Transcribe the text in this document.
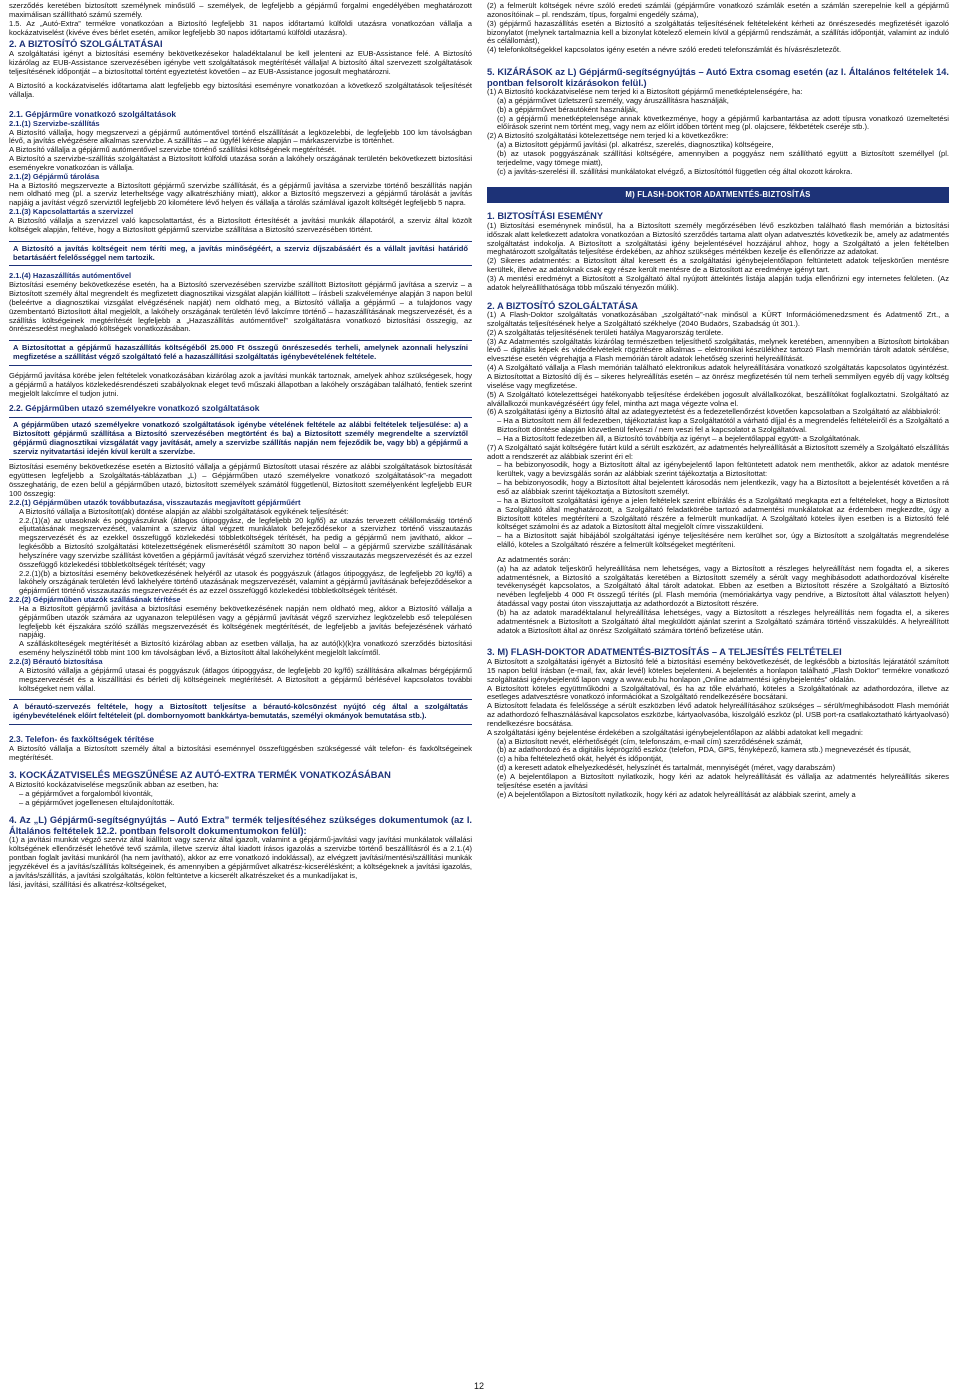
szerződés keretében biztosított személynek minősülő – személyek, de legfeljebb a gépjármű forgalmi engedélyében meghatározott maximálisan szállítható számú személy.
1.5. Az „Autó-Extra” termékre vonatkozóan a Biztosító legfeljebb 31 napos időtartamú külföldi utazásra vonatkozóan vállalja a kockázatviselést (kivéve éves bérlet esetén, amikor legfeljebb 30 napos időtartamú külföldi utazásra).
2. A BIZTOSÍTÓ SZOLGÁLTATÁSAI
A szolgáltatási igényt a biztosítási esemény bekövetkezésekor haladéktalanul be kell jelenteni az EUB-Assistance felé. A Biztosító kizárólag az EUB-Assistance szervezésében igénybe vett szolgáltatások megtérítését vállalja! A biztosító által szervezett szolgáltatások teljesítésének időpontját – a biztosítottal történt egyeztetést követően – az EUB-Assistance jogosult meghatározni.
A Biztosító a kockázatviselés időtartama alatt legfeljebb egy biztosítási eseményre vonatkozóan a következő szolgáltatások teljesítését vállalja.
2.1. Gépjárműre vonatkozó szolgáltatások
2.1.(1) Szervizbe-szállítás
A Biztosító vállalja, hogy megszervezi a gépjármű autómentővel történő elszállítását a legközelebbi, de legfeljebb 100 km távolságban lévő, a javítás elvégzésére alkalmas szervizbe. A szállítás – az ügyfél kérése alapján – márkaszervizbe is történhet.
A Biztosító vállalja a gépjármű autómentővel szervizbe történő szállítási költségének megtérítését.
A Biztosító a szervizbe-szállítás szolgáltatást a Biztosított külföldi utazása során a lakóhely országának területén bekövetkezett biztosítási eseményekre vonatkozóan is vállalja.
2.1.(2) Gépjármű tárolása
Ha a Biztosító megszervezte a Biztosított gépjármű szervizbe szállítását, és a gépjármű javítása a szervizbe történő beszállítás napján nem oldható meg (pl. a szerviz leterheltsége vagy alkatrészhiány miatt), akkor a Biztosító megszervezi a gépjármű tárolását a javítás napjáig a javítást végző szerviztől legfeljebb 20 kilométere lévő helyen és vállalja a tárolás számlával igazolt költségét legfeljebb 5 napra.
2.1.(3) Kapcsolattartás a szervizzel
A Biztosító vállalja a szervizzel való kapcsolattartást, és a Biztosított értesítését a javítási munkák állapotáról, a szerviz által közölt költségek alapján, feltéve, hogy a Biztosított gépjármű szervizbe szállítása a Biztosító szervezésében történt.
A Biztosító a javítás költségeit nem téríti meg, a javítás minőségéért, a szerviz díjszabásáért és a vállalt javítási határidő betartásáért felelősséggel nem tartozik.
2.1.(4) Hazaszállítás autómentővel
Biztosítási esemény bekövetkezése esetén, ha a Biztosító szervezésében szervizbe szállított Biztosított gépjármű javítása a szerviz – a Biztosított személy által megrendelt és megfizetett diagnosztikai vizsgálat alapján kiállított – írásbeli szakvéleménye alapján 3 napon belül (beleértve a diagnosztikai vizsgálat elvégzésének napját) nem oldható meg, a Biztosító vállalja a gépjármű – a tulajdonos vagy üzembentartó Biztosított által megjelölt, a lakóhely országának területén lévő lakcímre történő – hazaszállításának megszervezését, és a szállítás költségeinek megtérítését legfeljebb a „Hazaszállítás autómentővel” szolgáltatásra vonatkozó biztosítási összegig, az önrészesedést meghaladó költségek vonatkozásában.
A Biztosítottat a gépjármű hazaszállítás költségéből 25.000 Ft összegű önrészesedés terheli, amelynek azonnali helyszíni megfizetése a szállítást végző szolgáltató felé a hazaszállítási szolgáltatás igénybevételének feltétele.
Gépjármű javítása körébe jelen feltételek vonatkozásában kizárólag azok a javítási munkák tartoznak, amelyek ahhoz szükségesek, hogy a gépjármű a hatályos közlekedésrendészeti szabályoknak eleget tevő műszaki állapotban a lakóhely országában található, fentiek szerint megjelölt lakcímre el tudjon jutni.
2.2. Gépjárműben utazó személyekre vonatkozó szolgáltatások
A gépjárműben utazó személyekre vonatkozó szolgáltatások igénybe vételének feltétele az alábbi feltételek teljesülése: a) a Biztosított gépjármű szállítása a Biztosító szervezésében megtörtént és ba) a Biztosított személy megrendelte a szervíztől gépjármű diagnosztikai vizsgálatát vagy javítását, amely a szervizbe szállítás napján nem fejeződik be, vagy bb) a gépjármű a szerviz nyitvatartási idején kívül került a szervízbe.
Biztosítási esemény bekövetkezése esetén a Biztosító vállalja a gépjármű Biztosított utasai részére az alábbi szolgáltatások biztosítását együttesen legfeljebb a Szolgáltatás-táblázatban „L) – Gépjárműben utazó személyekre vonatkozó szolgáltatások”-ra megadott összeghatárig, de ezen belül a gépjárműben utazó, biztosított személyek számától függetlenül, Biztosított személyenként legfeljebb EUR 100 összegig:
2.2.(1) Gépjárműben utazók továbbutazása, visszautazás megjavított gépjárműért
A Biztosító vállalja a Biztosított(ak) döntése alapján az alábbi szolgáltatások egyikének teljesítését:
2.2.(1)(a) az utasoknak és poggyászuknak (átlagos útipoggyász, de legfeljebb 20 kg/fő) az utazás tervezett célállomásáig történő eljuttatásának megszervezését, valamint a szerviz által végzett munkálatok befejeződésekor a szervizhez történő visszautazás megszervezését és az ezekkel összefüggő közlekedési többletköltségek térítését, ha pedig a gépjármű nem javítható, akkor – legkésőbb a Biztosító szolgáltatási kötelezettségének elismerésétől számított 30 napon belül – a gépjármű szervizbe szállításának helyszínére vagy szervizbe szállítást követően a gépjármű javítását végző szervizhez történő visszautazás megszervezését és az ezzel összefüggő közlekedési többletköltségek térítését; vagy
2.2.(1)(b) a biztosítási esemény bekövetkezésének helyéről az utasok és poggyászuk (átlagos útipoggyász, de legfeljebb 20 kg/fő) a lakóhely országának területén lévő lakhelyére történő utazásának megszervezését, valamint a gépjármű javításának befejeződésekor a gépjárműért történő visszautazás megszervezését és az ezzel összefüggő közlekedési többletköltségek térítését.
2.2.(2) Gépjárműben utazók szállásának térítése
Ha a Biztosított gépjármű javítása a biztosítási esemény bekövetkezésének napján nem oldható meg, akkor a Biztosító vállalja a gépjárműben utazók számára az ugyanazon településen vagy a gépjármű javítását végző szervizhez legközelebb eső településen legfeljebb két éjszakára szóló szállás megszervezését és költségének megtérítését, de legfeljebb a javítás befejezésének várható napjáig.
A szálláskölteségek megtérítését a Biztosító kizárólag abban az esetben vállalja, ha az autó(k)(k)ra vonatkozó szerződés biztosítási esemény helyszínétől több mint 100 km távolságban lévő, a Biztosított által lakóhelyként megjelölt lakcímtől.
2.2.(3) Bérautó biztosítása
A Biztosító vállalja a gépjármű utasai és poggyászuk (átlagos útipoggyász, de legfeljebb 20 kg/fő) szállítására alkalmas bérgépjármű megszervezését és a kiszállítási és bérleti díj költségeinek megtérítését. A Biztosított a gépjármű bérlésével kapcsolatos további költségeket nem vállal.
A bérautó-szervezés feltétele, hogy a Biztosított teljesítse a bérautó-kölcsönzést nyújtó cég által a szolgáltatás igénybevételének előírt feltételeit (pl. dombornyomott bankkártya-bemutatás, személyi okmányok bemutatása stb.).
2.3. Telefon- és faxköltségek térítése
A Biztosító vállalja a Biztosított személy által a biztosítási eseménnyel összefüggésben szükségessé vált telefon- és faxköltségeinek megtérítését.
3. KOCKÁZATVISELÉS MEGSZŰNÉSE AZ AUTÓ-EXTRA TERMÉK VONATKOZÁSÁBAN
A Biztosító kockázatviselése megszűnik abban az esetben, ha:
– a gépjárművet a forgalomból kivonták,
– a gépjárművet jogellenesen eltulajdonították.
4. Az „L) Gépjármű-segítségnyújtás – Autó Extra” termék teljesítéséhez szükséges dokumentumok (az I. Általános feltételek 12.2. pontban felsorolt dokumentumokon felül):
(1) a javítási munkát végző szerviz által kiállított vagy szerviz által igazolt, valamint a gépjármű-javítási vagy javítási munkálatok vállalási költségének ellenőrzését lehetővé tevő számla, illetve szerviz által kiadott írásos igazolás a szervizbe történő beszállításról és a 2.1.(4) pontban foglalt javítási munkáról (ha nem javítható), akkor az erre vonatkozó indoklással), az elvégzett javítási/mentési/szállítási munkák jegyzékével és a javítás/szállítás költségeinek, és amennyiben a gépjárművet alkatrész-kicserélésként; a költségeknek a javítási igazolás, a javítás/szállítás, a javítási szolgáltatás, kölön feltüntetve a kicserélt alkatrészeket és a munkadíjakat is,
lási, javítási, szállítási és alkatrész-költségeket,
(2) a felmerült költségek névre szóló eredeti számlái (gépjárműre vonatkozó számlák esetén a számlán szerepelnie kell a gépjármű azonosítóinak – pl. rendszám, típus, forgalmi engedély száma),
(3) gépjármű hazaszállítás esetén a Biztosító a szolgáltatás teljesítésének feltételeként kérheti az önrészesedés megfizetését igazoló bizonylatot (melynek tartalmaznia kell a bizonylat kötelező elemein kívül a gépjármű rendszámát, a szállítás időpontját, valamint az induló és célállomást),
(4) telefonköltségekkel kapcsolatos igény esetén a névre szóló eredeti telefonszámlát és hívásrészletezőt.
5. KIZÁRÁSOK az L) Gépjármű-segítségnyújtás – Autó Extra csomag esetén (az I. Általános feltételek 14. pontban felsorolt kizárásokon felül.)
(1) A Biztosító kockázatviselése nem terjed ki a Biztosított gépjármű menetképtelenségére, ha:
(a) a gépjárművet üzletszerű személy, vagy áruszállításra használják,
(b) a gépjárművet bérautóként használják,
(c) a gépjármű menetképtelensége annak következménye, hogy a gépjármű karbantartása az adott típusra vonatkozó üzemeltetési előírások szerint nem történt meg, vagy nem az előírt időben történt meg (pl. olajcsere, fékbetétek cseréje stb.).
(2) A Biztosító szolgáltatási kötelezettsége nem terjed ki a következőkre:
(a) a Biztosított gépjármű javítási (pl. alkatrész, szerelés, diagnosztika) költségeire,
(b) az utasok poggyászának szállítási költségére, amennyiben a poggyász nem szállítható együtt a Biztosított személlyel (pl. terjedelme, vagy tömege miatt),
(c) a javítás-szerelési ill. szállítási munkálatokat elvégző, a Biztosítóttól független cég által okozott károkra.
M) FLASH-DOKTOR ADATMENTÉS-BIZTOSÍTÁS
1. BIZTOSÍTÁSI ESEMÉNY
(1) Biztosítási eseménynek minősül, ha a Biztosított személy megőrzésében lévő eszközben található flash memórián a biztosítási időszak alatt keletkezett adatokra vonatkozóan a Biztosító szerződés tartama alatt olyan adatvesztés következik be, amely az adatmentés szolgáltatást indokolja. A Biztosított a szolgáltatási igény bejelentésével hozzájárul ahhoz, hogy a Szolgáltató a jelen feltételben meghatározott szolgáltatás teljesítése érdekében, az ahhoz szükséges mértékben kezelje és ellenőrizze az adatokat.
(2) Sikeres adatmentés: a Biztosított által keresett és a szolgáltatási igénybejelentőlapon feltüntetett adatok teljeskörűen mentésre kerültek, illetve az adatoknak csak egy része került mentésre de a Biztosított az eredménye igényt tart.
(3) A mentési eredményt a Biztosított a Szolgáltató által nyújtott áttekintés listája alapján tudja ellenőrizni egy internetes felületen. (Az adatok helyreállíthatósága több műszaki tényezőn múlik).
2. A BIZTOSÍTÓ SZOLGÁLTATÁSA
(1) A Flash-Doktor szolgáltatás vonatkozásában „szolgáltató”-nak minősül a KÜRT Információmenedzsment és Adatmentő Zrt., a szolgáltatás teljesítésének helye a Szolgáltató székhelye (2040 Budaörs, Szabadság út 301.).
(2) A szolgáltatás teljesítésének területi hatálya Magyarország területe.
(3) Az Adatmentés szolgáltatás kizárólag természetben teljesíthető szolgáltatás, melynek keretében, amennyiben a Biztosított birtokában lévő – digitális képek és videófelvételek rögzítésére alkalmas – elektronikai készülékhez tartozó Flash memórián tárolt adatok sérülése, elvesztése esetén végrehajtja a Flash memórián tárolt adatok lehetőség szerinti helyreállítását.
(4) A Szolgáltató vállalja a Flash memórián található elektronikus adatok helyreállítására vonatkozó szolgáltatás kapcsolatos ügyintézést. A Biztosítottat a Biztosító díj és – sikeres helyreállítás esetén – az önrész megfizetésén túl nem terheli semmilyen egyéb díj vagy költség viselése vagy megfizetése.
(5) A Szolgáltató kötelezettségei hatékonyabb teljesítése érdekében jogosult alvállalkozókat, beszállítókat foglalkoztatni. Szolgáltató az alvállalkozói munkavégzéséért úgy felel, mintha azt maga végezte volna el.
(6) A szolgáltatási igény a Biztosító által az adategyeztetést és a fedezetellenőrzést követően kapcsolatban a Szolgáltató az alábbiakról:
– Ha a Biztosított nem áll fedezetben, tájékoztatást kap a Szolgáltatótól a várható díjjal és a megrendelés feltételeiről és a Szolgáltató a Biztosított döntése alapján közvetlenül felveszi / nem veszi fel a kapcsolatot a Szolgáltatóval.
– Ha a Biztosított fedezetben áll, a Biztosító továbbítja az igényt – a bejelentőlappal együtt- a Szolgáltatónak.
(7) A Szolgáltató saját költségére futárt küld a sérült eszközért, az adatmentés helyreállítását a Biztosított személy a Szolgáltató elszállítás adott a rendszerét az alábbiak szerint éri el:
– ha bebizonyosodik, hogy a Biztosított által az igénybejelentő lapon feltüntetett adatok nem menthetők, akkor az adatok mentésre kerültek, vagy a bevizsgálás során az alábbiak szerint tájékoztatja a Biztosítottat:
– ha bebizonyosodik, hogy a Biztosított által bejelentett károsodás nem jelentkezik, vagy ha a Biztosított a bejelentését követően a rá eső az alábbiak szerint tájékoztatja a Biztosított személyt.
– ha a Biztosított szolgáltatási igénye a jelen feltételek szerint elbírálás és a Szolgáltató megkapta ezt a feltételeket, hogy a Biztosított a Szolgáltató által meghatározott, a Szolgáltató feladatkörébe tartozó adatmentési munkálatokat az érdemben megkezdte, úgy a Biztosított köteles megtéríteni a Szolgáltató részére a felmerült munkadíjat. A Szolgáltató köteles ilyen esetben is a Biztosító felé költséget számolni és az adatok a Biztosított által megjelölt címre visszaküldeni.
– ha a Biztosított saját hibájából szolgáltatási igénye teljesítésére nem kerülhet sor, úgy a Biztosított a szolgáltatás megrendelése elálló, köteles a Szolgáltató részére a felmerült költségeket megtéríteni.
Az adatmentés során:
(a) ha az adatok teljeskörű helyreállítása nem lehetséges, vagy a Biztosított a részleges helyreállítást nem fogadta el, a sikeres adatmentésnek, a Biztosító a szolgáltatás keretében a Biztosított személy a sérült vagy meghibásodott adathordozóval kísérelte tevékenységét kapcsolatos, a Szolgáltató által tárolt adatokat. Ebben az esetben a Biztosított részére a Szolgáltató a Biztosító nevében legfeljebb 4 000 Ft összegű térítés (pl. Flash memória (memóriakártya vagy pendrive, a Biztosított által választott helyen) átadással vagy postai úton visszajuttatja az adathordozót a Biztosított részére.
(b) ha az adatok maradéktalanul helyreállítása lehetséges, vagy a Biztosított a részleges helyreállítás nem fogadta el, a sikeres adatmentésnek a Biztosított a Szolgáltató által megküldött ajánlat szerint a Szolgáltató számára történő visszaküldés. A helyreállított adatok a Biztosított által az önrész Szolgáltató számára történő befizetése után.
3. M) FLASH-DOKTOR ADATMENTÉS-BIZTOSÍTÁS – A TELJESÍTÉS FELTÉTELEI
A Biztosított a szolgáltatási igényét a Biztosító felé a biztosítási esemény bekövetkezését, de legkésőbb a biztosítás lejáratától számított 15 napon belül írásban (e-mail, fax, akár levél) köteles bejelenteni. A bejelentés a honlapon található „Flash Doktor” termékre vonatkozó szolgáltatási igénybejelentő lapon vagy a www.eub.hu honlapon „Online adatmentési igénybejelentés” oldalán.
A Biztosított köteles együttműködni a Szolgáltatóval, és ha az tőle elvárható, köteles a Szolgáltatónak az adathordozóra, illetve az esetleges adatvesztésre vonatkozó információkat a Szolgáltató rendelkezésére bocsátani.
A Biztosított feladata és felelőssége a sérült eszközben lévő adatok helyreállításához szükséges – sérült/meghibásodott Flash memóriát az adathordozó felhasználásával kapcsolatos eszközbe, kártyaolvasóba, kiszolgáló eszköz (pl. USB port-ra csatlakoztatható kártyaolvasó) rendelkezésre bocsátása.
A szolgáltatási igény bejelentése érdekében a szolgáltatási igénybejelentőlapon az alábbi adatokat kell megadni:
(a) a Biztosított nevét, elérhetőségét (cím, telefonszám, e-mail cím) szerződésének számát,
(b) az adathordozó és a digitális képrögzítő eszköz (telefon, PDA, GPS, fényképező, kamera stb.) megnevezését és típusát,
(c) a hiba feltételezhető okát, helyét és időpontját,
(d) a keresett adatok elhelyezkedését, helyszínét és tartalmát, mennyiségét (méret, vagy darabszám)
(e) A bejelentőlapon a Biztosított nyilatkozik, hogy kéri az adatok helyreállítását és vállalja az adatmentés helyreállítás sikeres teljesítése esetén a javítási
(e) A bejelentőlapon a Biztosított nyilatkozik, hogy kéri az adatok helyreállítását az alábbiak szerint, amely a
12
